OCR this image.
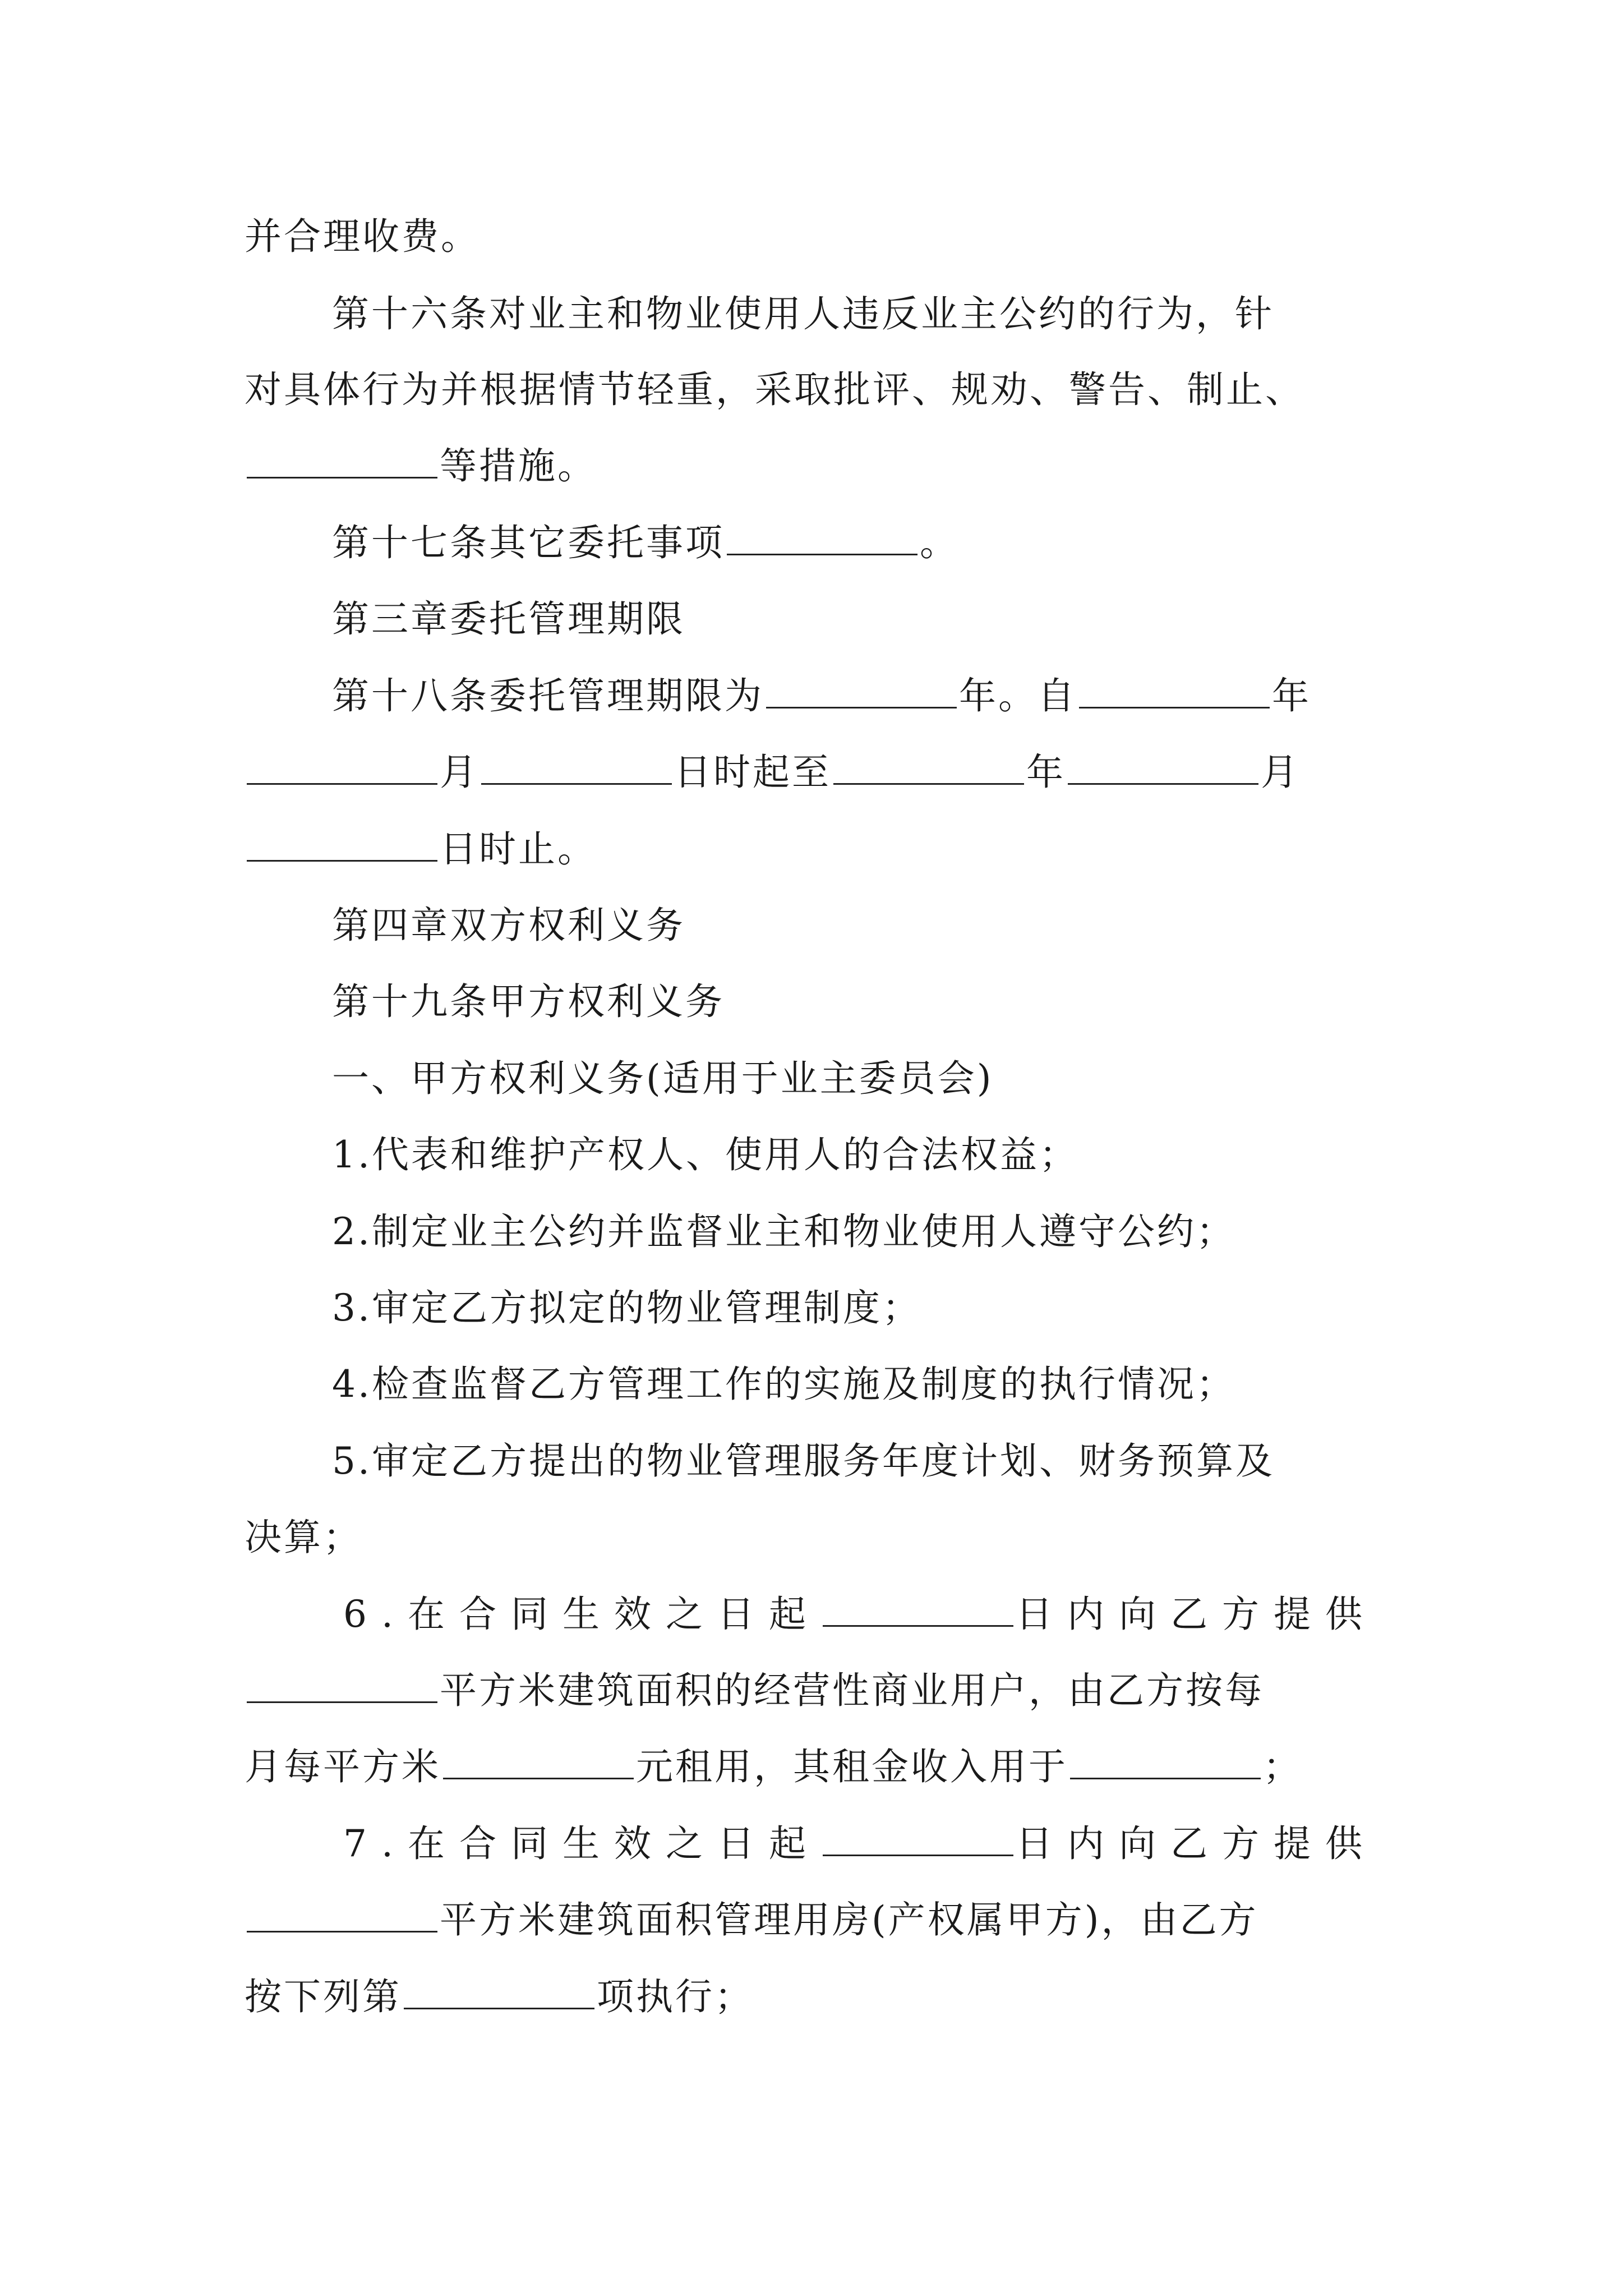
并合理收费。
第十六条对业主和物业使用人违反业主公约的行为，针
对具体行为并根据情节轻重，采取批评、规劝、警告、制止、
等措施。
第十七条其它委托事项	。
第三章委托管理期限
第十八条委托管理期限为	年。自	年
月	日时起至	年	月
日时止。
第四章双方权利义务
第十九条甲方权利义务
一、甲方权利义务(适用于业主委员会)
1.代表和维护产权人、使用人的合法权益；
2.制定业主公约并监督业主和物业使用人遵守公约；
3.审定乙方拟定的物业管理制度；
4.检查监督乙方管理工作的实施及制度的执行情况；
5.审定乙方提出的物业管理服务年度计划、财务预算及
决算；
6.在合同生效之日起	日内向乙方提供
平方米建筑面积的经营性商业用户，由乙方按每
月每平方米	元租用，其租金收入用于	；
7.在合同生效之日起	日内向乙方提供
平方米建筑面积管理用房(产权属甲方)，由乙方
按下列第	项执行；
